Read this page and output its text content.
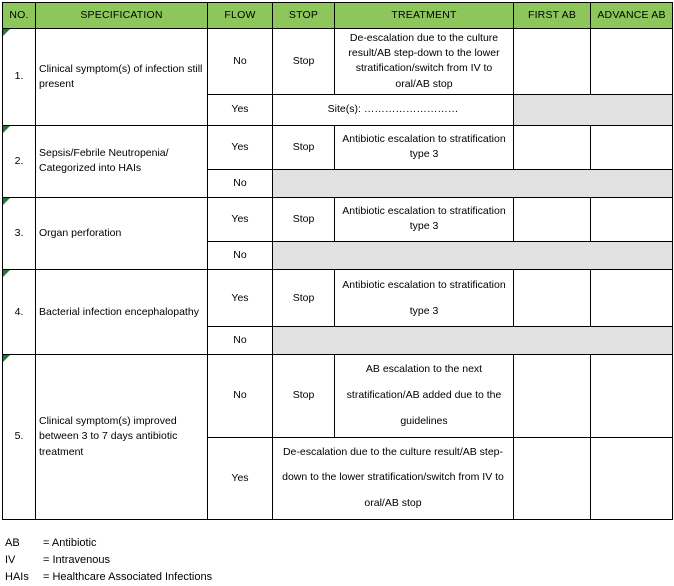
NO.	SPECIFICATION	FLOW	STOP	TREATMENT	FIRST AB	ADVANCE AB

1.	Clinical symptom(s) of infection still present	No	Stop	De-escalation due to the culture result/AB step-down to the lower stratification/switch from IV to oral/AB stop		
		Yes	Site(s): ………………………			

2.	Sepsis/Febrile Neutropenia/ Categorized into HAIs	Yes	Stop	Antibiotic escalation to stratification type 3		
		No				

3.	Organ perforation	Yes	Stop	Antibiotic escalation to stratification type 3		
		No				

4.	Bacterial infection encephalopathy	Yes	Stop	Antibiotic escalation to stratification type 3		
		No				

5.	Clinical symptom(s) improved between 3 to 7 days antibiotic treatment	No	Stop	AB escalation to the next stratification/AB added due to the guidelines		
		Yes	De-escalation due to the culture result/AB step-down to the lower stratification/switch from IV to oral/AB stop			
AB	= Antibiotic
IV	= Intravenous
HAIs	= Healthcare Associated Infections
